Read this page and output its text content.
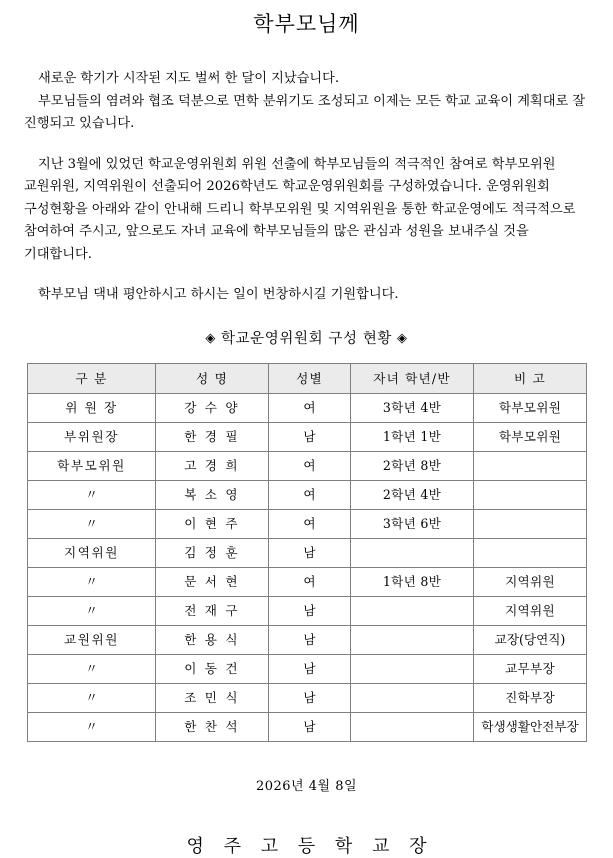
학부모님께

새로운 학기가 시작된 지도 벌써 한 달이 지났습니다.

부모님들의 염려와 협조 덕분으로 면학 분위기도 조성되고 이제는 모든 학교 교육이 계획대로 잘 진행되고 있습니다.

지난 3월에 있었던 학교운영위원회 위원 선출에 학부모님들의 적극적인 참여로 학부모위원 교원위원, 지역위원이 선출되어 2026학년도 학교운영위원회를 구성하였습니다. 운영위원회 구성현황을 아래와 같이 안내해 드리니 학부모위원 및 지역위원을 통한 학교운영에도 적극적으로 참여하여 주시고, 앞으로도 자녀 교육에 학부모님들의 많은 관심과 성원을 보내주실 것을 기대합니다.

학부모님 댁내 평안하시고 하시는 일이 번창하시길 기원합니다.

◈ 학교운영위원회 구성 현황 ◈

구 분	성 명	성별	자녀 학년/반	비 고
위 원 장	강 수 양	여	3학년 4반	학부모위원
부위원장	한 경 필	남	1학년 1반	학부모위원
학부모위원	고 경 희	여	2학년 8반	
〃	복 소 영	여	2학년 4반	
〃	이 현 주	여	3학년 6반	
지역위원	김 정 훈	남		
〃	문 서 현	여	1학년 8반	지역위원
〃	전 재 구	남		지역위원
교원위원	한 용 식	남		교장(당연직)
〃	이 동 건	남		교무부장
〃	조 민 식	남		진학부장
〃	한 찬 석	남		학생생활안전부장

2026년 4월 8일

영 주 고 등 학 교 장
